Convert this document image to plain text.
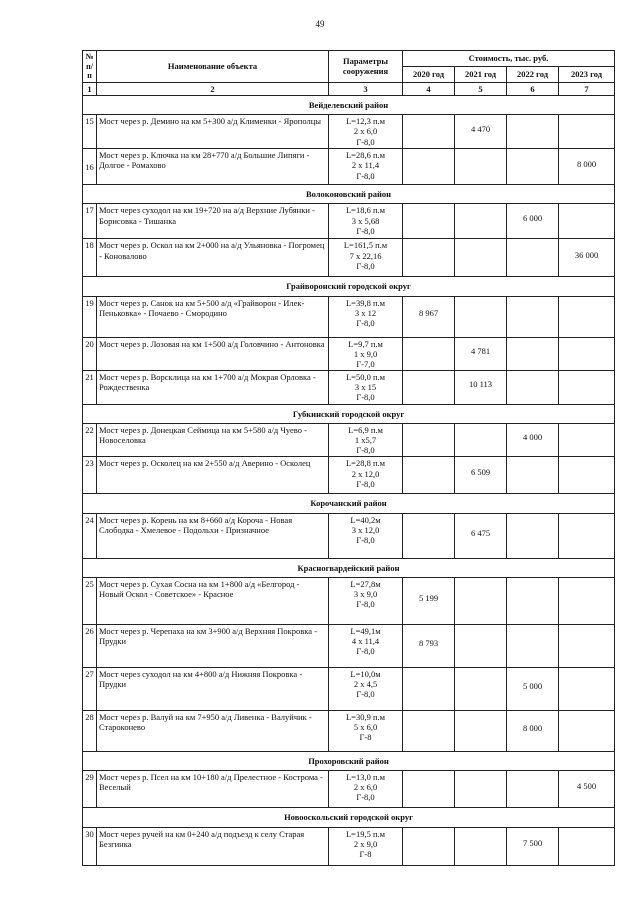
49
№ п/п	Наименование объекта	Параметры сооружения	Стоимость, тыс. руб.			
			2020 год	2021 год	2022 год	2023 год
1	2	3	4	5	6	7
Вейделевский район						
15	Мост через р. Демино на км 5+300 а/д Клименки - Ярополцы	L=12,3 п.м
2 х 6,0
Г-8,0		4 470		
16	Мост через р. Ключка на км 28+770 а/д Большие Липяги - Долгое - Ромахово	L=28,6 п.м
2 х 11,4
Г-8,0				8 000
Волоконовский район						
17	Мост через суходол на км 19+720 на а/д Верхние Лубянки - Борисовка - Тишанка	L=18,6 п.м
3 х 5,68
Г-8,0			6 000	
18	Мост через р. Оскол на км 2+000 на а/д Ульяновка - Погромец - Коновалово	L=161,5 п.м
7 х 22,16
Г-8,0				36 000
Грайворонский городской округ						
19	Мост через р. Санок на км 5+500 а/д «Грайворон - Илек-Пеньковка» - Почаево - Смородино	L=39,8 п.м
3 х 12
Г-8,0	8 967			
20	Мост через р. Лозовая на км 1+500 а/д Головчино - Антоновка	L=9,7 п.м
1 х 9,0
Г-7,0		4 781		
21	Мост через р. Ворсклица на км 1+700 а/д Мокрая Орловка - Рождественка	L=50,0 п.м
3 х 15
Г-8,0		10 113		
Губкинский городской округ						
22	Мост через р. Донецкая Сеймица на км 5+580 а/д Чуево - Новоселовка	L=6,9 п.м
1 х5,7
Г-8,0			4 000	
23	Мост через р. Осколец на км 2+550 а/д Аверино - Осколец	L=28,8 п.м
2 х 12,0
Г-8,0		6 509		
Корочанский район						
24	Мост через р. Корень на км 8+660 а/д Короча - Новая Слободка - Хмелевое - Подольхи - Призначное	L=40,2м
3 х 12,0
Г-8,0		6 475		
Красногвардейский район						
25	Мост через р. Сухая Сосна на км 1+800 а/д «Белгород - Новый Оскол - Советское» - Красное	L=27,8м
3 х 9,0
Г-8,0	5 199			
26	Мост через р. Черепаха на км 3+900 а/д Верхняя Покровка - Прудки	L=49,1м
4 х 11,4
Г-8,0	8 793			
27	Мост через суходол на км 4+800 а/д Нижняя Покровка - Прудки	L=10,0м
2 х 4,5
Г-8,0			5 000	
28	Мост через р. Валуй на км 7+950 а/д Ливенка - Валуйчик - Староконево	L=30,9 п.м
5 х 6,0
Г-8			8 000	
Прохоровский район						
29	Мост через р. Псел на км 10+180 а/д Прелестное - Кострома - Веселый	L=13,0 п.м
2 х 6,0
Г-8,0				4 500
Новооскольский городской округ						
30	Мост через ручей на км 0+240 а/д подъезд к селу Старая Безгинка	L=19,5 п.м
2 х 9,0
Г-8			7 500	
